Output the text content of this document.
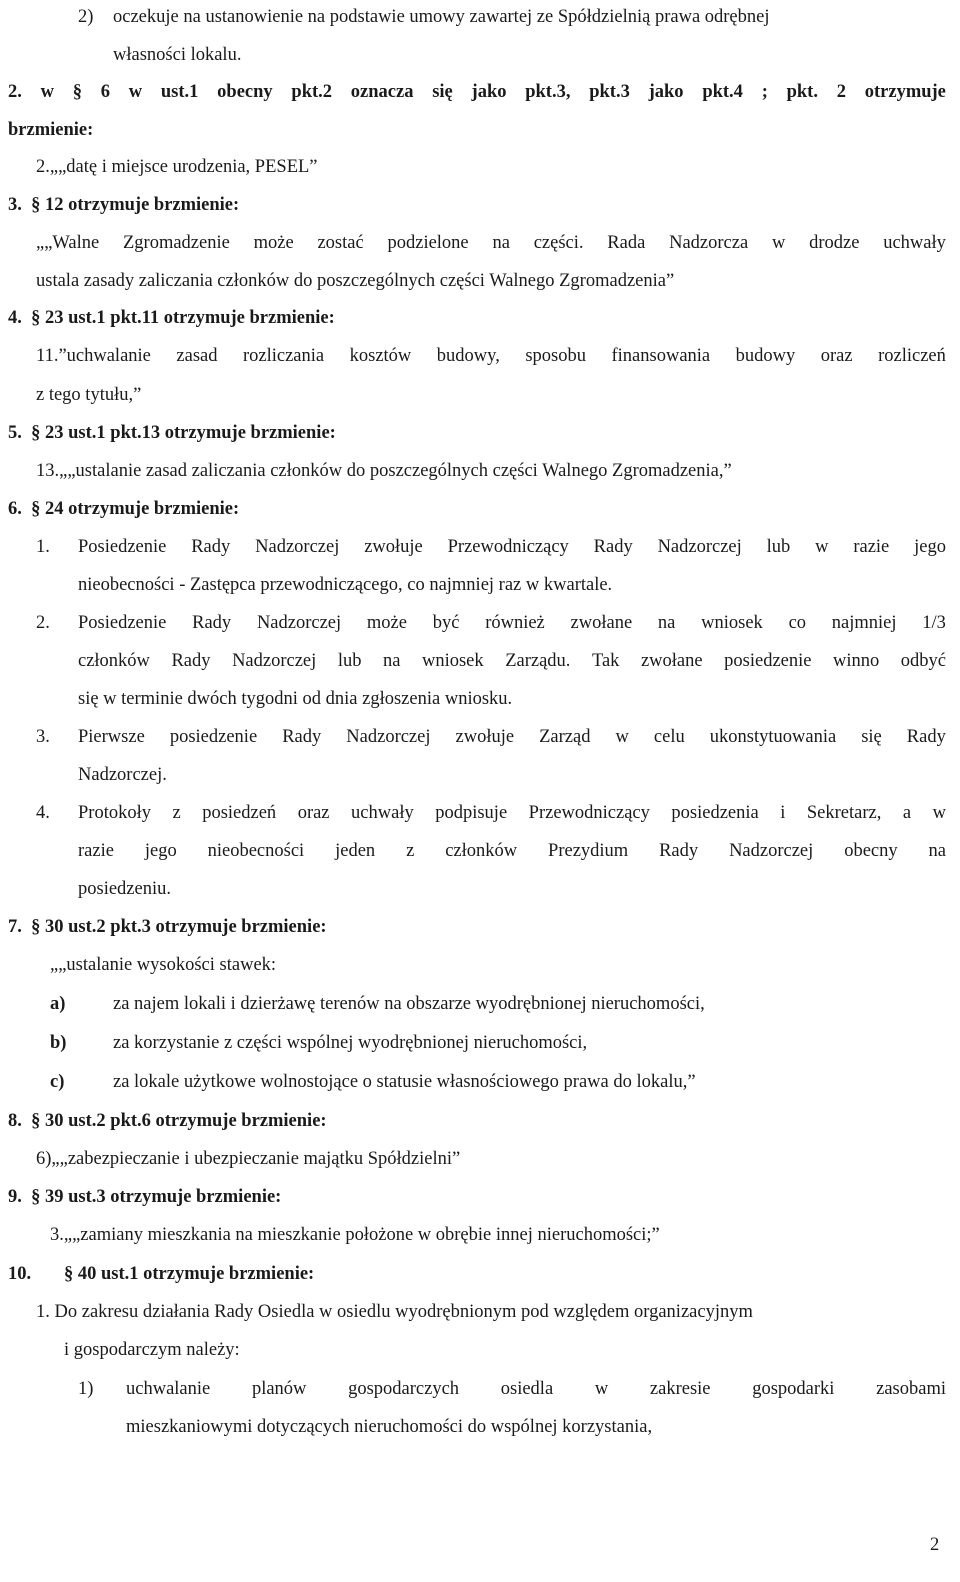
2) oczekuje na ustanowienie na podstawie umowy zawartej ze Spółdzielnią prawa odrębnej
własności lokalu.
2. w § 6 w ust.1 obecny pkt.2 oznacza się jako pkt.3, pkt.3 jako pkt.4 ; pkt. 2 otrzymuje
brzmienie:
2.„„datę i miejsce urodzenia, PESEL”
3.  § 12 otrzymuje brzmienie:
„„Walne Zgromadzenie może zostać podzielone na części. Rada Nadzorcza w drodze uchwały
ustala zasady zaliczania członków do poszczególnych części Walnego Zgromadzenia”
4.  § 23 ust.1 pkt.11 otrzymuje brzmienie:
11.”uchwalanie zasad rozliczania kosztów budowy, sposobu finansowania budowy oraz rozliczeń
z tego tytułu,”
5.  § 23 ust.1 pkt.13 otrzymuje brzmienie:
13.„„ustalanie zasad zaliczania członków do poszczególnych części Walnego Zgromadzenia,”
6.  § 24 otrzymuje brzmienie:
1. Posiedzenie Rady Nadzorczej zwołuje Przewodniczący Rady Nadzorczej lub w razie jego
nieobecności - Zastępca przewodniczącego, co najmniej raz w kwartale.
2. Posiedzenie Rady Nadzorczej może być również zwołane na wniosek co najmniej 1/3
członków Rady Nadzorczej lub na wniosek Zarządu. Tak zwołane posiedzenie winno odbyć
się w terminie dwóch tygodni od dnia zgłoszenia wniosku.
3. Pierwsze posiedzenie Rady Nadzorczej zwołuje Zarząd w celu ukonstytuowania się Rady
Nadzorczej.
4. Protokoły z posiedzeń oraz uchwały podpisuje Przewodniczący posiedzenia i Sekretarz, a w
razie jego nieobecności jeden z członków Prezydium Rady Nadzorczej obecny na
posiedzeniu.
7.  § 30 ust.2 pkt.3 otrzymuje brzmienie:
„„ustalanie wysokości stawek:
a)	za najem lokali i dzierżawę terenów na obszarze wyodrębnionej nieruchomości,
b)	za korzystanie z części wspólnej wyodrębnionej nieruchomości,
c)	za lokale użytkowe wolnostojące o statusie własnościowego prawa do lokalu,”
8.  § 30 ust.2 pkt.6 otrzymuje brzmienie:
6)„„zabezpieczanie i ubezpieczanie majątku Spółdzielni”
9.  § 39 ust.3 otrzymuje brzmienie:
3.„„zamiany mieszkania na mieszkanie położone w obrębie innej nieruchomości;”
10. § 40 ust.1 otrzymuje brzmienie:
1. Do zakresu działania Rady Osiedla w osiedlu wyodrębnionym pod względem organizacyjnym
i gospodarczym należy:
1) uchwalanie planów gospodarczych osiedla w zakresie gospodarki zasobami
mieszkaniowymi dotyczących nieruchomości do wspólnej korzystania,
2
